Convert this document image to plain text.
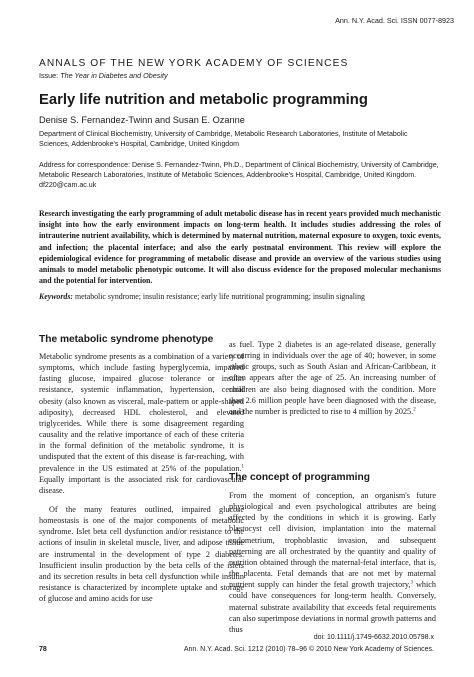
Ann. N.Y. Acad. Sci. ISSN 0077-8923
ANNALS OF THE NEW YORK ACADEMY OF SCIENCES
Issue: The Year in Diabetes and Obesity
Early life nutrition and metabolic programming
Denise S. Fernandez-Twinn and Susan E. Ozanne
Department of Clinical Biochemistry, University of Cambridge, Metabolic Research Laboratories, Institute of Metabolic Sciences, Addenbrooke's Hospital, Cambridge, United Kingdom
Address for correspondence: Denise S. Fernandez-Twinn, Ph.D., Department of Clinical Biochemistry, University of Cambridge, Metabolic Research Laboratories, Institute of Metabolic Sciences, Addenbrooke's Hospital, Cambridge, United Kingdom. df220@cam.ac.uk

Research investigating the early programming of adult metabolic disease has in recent years provided much mechanistic insight into how the early environment impacts on long-term health. It includes studies addressing the roles of intrauterine nutrient availability, which is determined by maternal nutrition, maternal exposure to oxygen, toxic events, and infection; the placental interface; and also the early postnatal environment. This review will explore the epidemiological evidence for programming of metabolic disease and provide an overview of the various studies using animals to model metabolic phenotypic outcome. It will also discuss evidence for the proposed molecular mechanisms and the potential for intervention.

Keywords: metabolic syndrome; insulin resistance; early life nutritional programming; insulin signaling
The metabolic syndrome phenotype

Metabolic syndrome presents as a combination of a variety of symptoms, which include fasting hyperglycemia, impaired fasting glucose, impaired glucose tolerance or insulin resistance, systemic inflammation, hypertension, central obesity (also known as visceral, male-pattern or apple-shaped adiposity), decreased HDL cholesterol, and elevated triglycerides. While there is some disagreement regarding causality and the relative importance of each of these criteria in the formal definition of the metabolic syndrome, it is undisputed that the extent of this disease is far-reaching, with prevalence in the US estimated at 25% of the population.$^1$ Equally important is the associated risk for cardiovascular disease.

Of the many features outlined, impaired glucose homeostasis is one of the major components of metabolic syndrome. Islet beta cell dysfunction and/or resistance to the actions of insulin in skeletal muscle, liver, and adipose tissue are instrumental in the development of type 2 diabetes. Insufficient insulin production by the beta cells of the islets and its secretion results in beta cell dysfunction while insulin resistance is characterized by incomplete uptake and storage of glucose and amino acids for use

as fuel. Type 2 diabetes is an age-related disease, generally occurring in individuals over the age of 40; however, in some ethnic groups, such as South Asian and African-Caribbean, it often appears after the age of 25. An increasing number of children are also being diagnosed with the condition. More than 2.6 million people have been diagnosed with the disease, and the number is predicted to rise to 4 million by 2025.$^2$

The concept of programming

From the moment of conception, an organism's future physiological and even psychological attributes are being affected by the conditions in which it is growing. Early blastocyst cell division, implantation into the maternal endometrium, trophoblastic invasion, and subsequent patterning are all orchestrated by the quantity and quality of nutrition obtained through the maternal-fetal interface, that is, the placenta. Fetal demands that are not met by maternal nutrient supply can hinder the fetal growth trajectory,$^3$ which could have consequences for long-term health. Conversely, maternal substrate availability that exceeds fetal requirements can also superimpose deviations in normal growth patterns and thus

doi: 10.1111/j.1749-6632.2010.05798.x
78	Ann. N.Y. Acad. Sci. 1212 (2010) 78–96 © 2010 New York Academy of Sciences.
